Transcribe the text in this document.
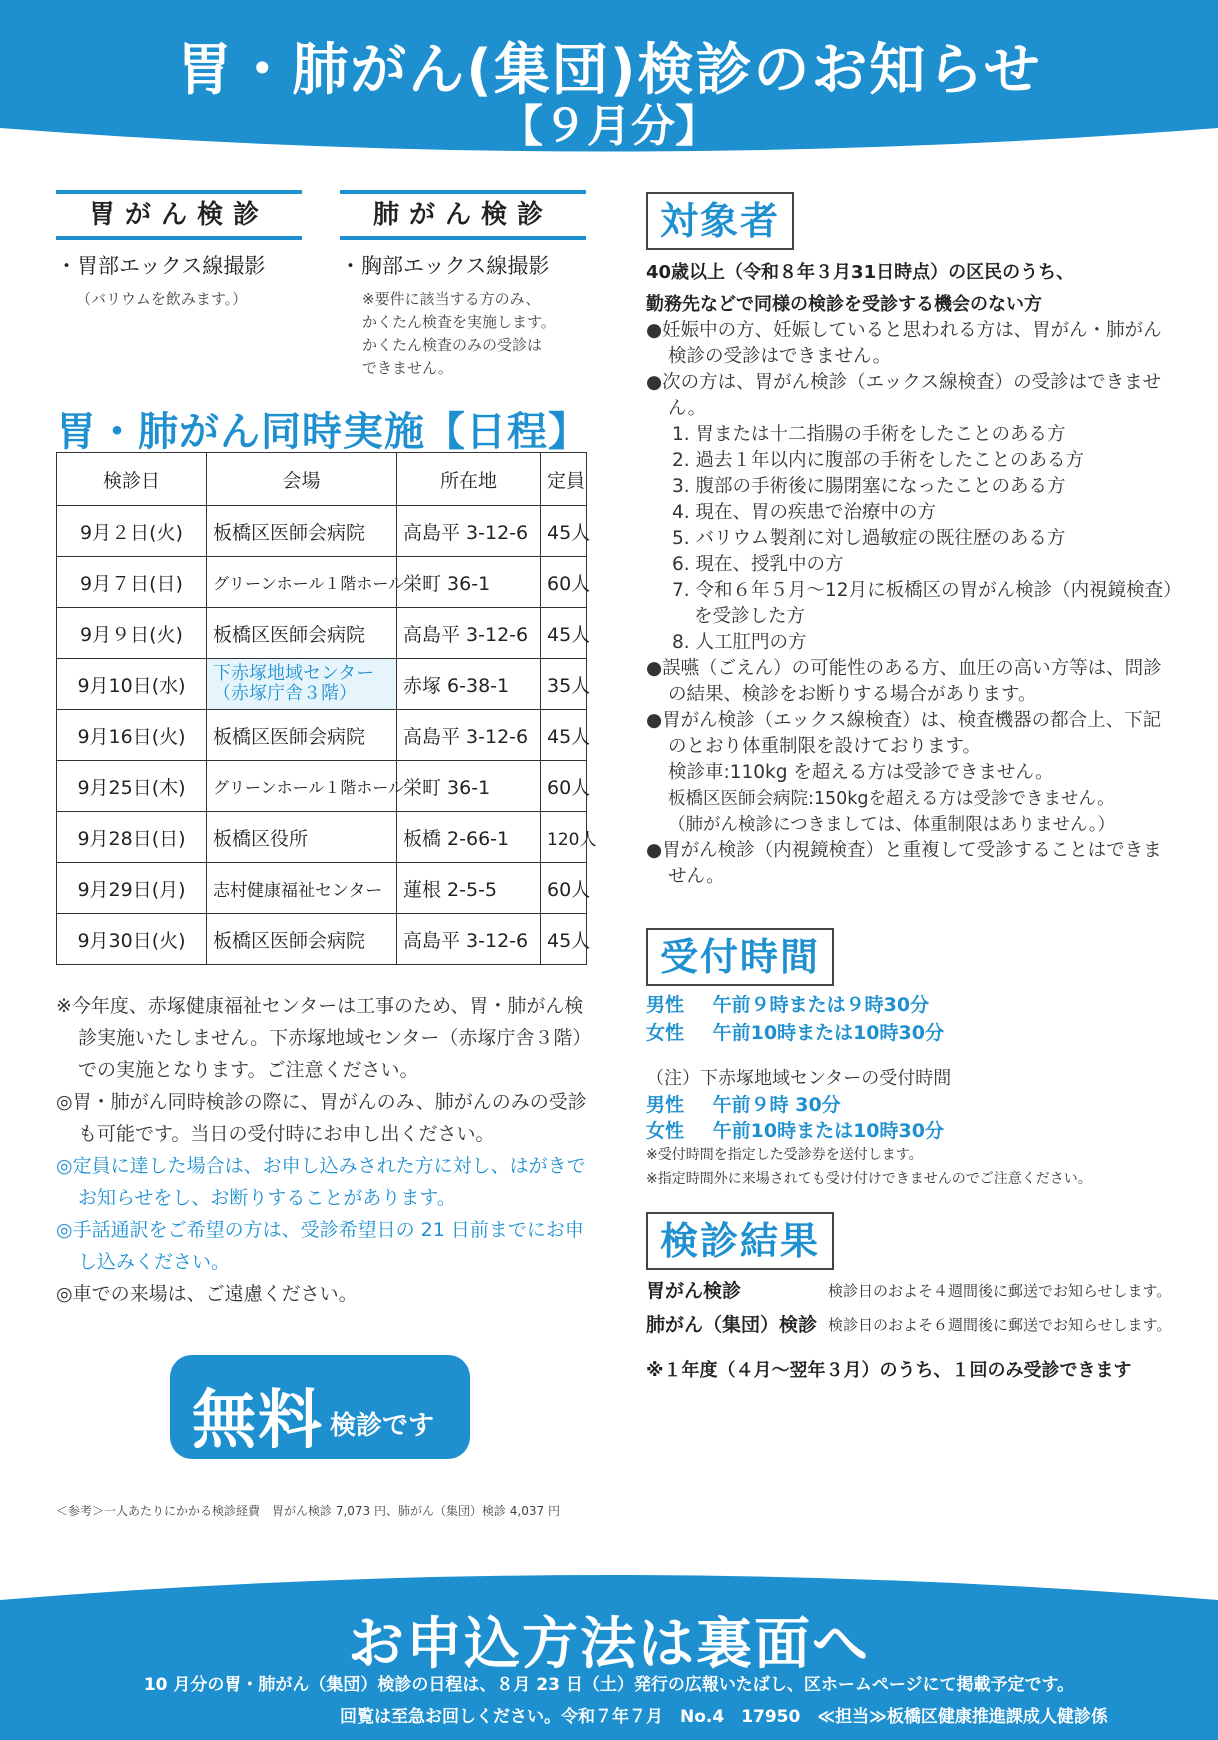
胃・肺がん(集団)検診のお知らせ
【９月分】
胃がん検診
・胃部エックス線撮影
（バリウムを飲みます。）
肺がん検診
・胸部エックス線撮影
※要件に該当する方のみ、
かくたん検査を実施します。
かくたん検査のみの受診は
できません。
胃・肺がん同時実施【日程】
検診日	会場	所在地	定員
9月２日(火)	板橋区医師会病院	高島平 3-12-6	45人
9月７日(日)	グリーンホール１階ホール	栄町 36-1	60人
9月９日(火)	板橋区医師会病院	高島平 3-12-6	45人
9月10日(水)	下赤塚地域センター（赤塚庁舎３階）	赤塚 6-38-1	35人
9月16日(火)	板橋区医師会病院	高島平 3-12-6	45人
9月25日(木)	グリーンホール１階ホール	栄町 36-1	60人
9月28日(日)	板橋区役所	板橋 2-66-1	120人
9月29日(月)	志村健康福祉センター	蓮根 2-5-5	60人
9月30日(火)	板橋区医師会病院	高島平 3-12-6	45人

※今年度、赤塚健康福祉センターは工事のため、胃・肺がん検診実施いたしません。下赤塚地域センター（赤塚庁舎３階）での実施となります。ご注意ください。

◎胃・肺がん同時検診の際に、胃がんのみ、肺がんのみの受診も可能です。当日の受付時にお申し出ください。

◎定員に達した場合は、お申し込みされた方に対し、はがきでお知らせをし、お断りすることがあります。

◎手話通訳をご希望の方は、受診希望日の 21 日前までにお申し込みください。

◎車での来場は、ご遠慮ください。

無料 検診です
＜参考＞一人あたりにかかる検診経費　胃がん検診 7,073 円、肺がん（集団）検診 4,037 円
対象者
40歳以上（令和８年３月31日時点）の区民のうち、
勤務先などで同様の検診を受診する機会のない方

●妊娠中の方、妊娠していると思われる方は、胃がん・肺がん検診の受診はできません。

●次の方は、胃がん検診（エックス線検査）の受診はできません。

1. 胃または十二指腸の手術をしたことのある方
2. 過去１年以内に腹部の手術をしたことのある方
3. 腹部の手術後に腸閉塞になったことのある方
4. 現在、胃の疾患で治療中の方
5. バリウム製剤に対し過敏症の既往歴のある方
6. 現在、授乳中の方
7. 令和６年５月～12月に板橋区の胃がん検診（内視鏡検査）を受診した方
8. 人工肛門の方

●誤嚥（ごえん）の可能性のある方、血圧の高い方等は、問診の結果、検診をお断りする場合があります。

●胃がん検診（エックス線検査）は、検査機器の都合上、下記のとおり体重制限を設けております。

検診車:110kg を超える方は受診できません。
板橋区医師会病院:150kgを超える方は受診できません。
（肺がん検診につきましては、体重制限はありません。）

●胃がん検診（内視鏡検査）と重複して受診することはできません。

受付時間
男性 午前９時または９時30分
女性 午前10時または10時30分
（注）下赤塚地域センターの受付時間
男性 午前９時 30分
女性 午前10時または10時30分
※受付時間を指定した受診券を送付します。
※指定時間外に来場されても受け付けできませんのでご注意ください。
検診結果
胃がん検診	検診日のおよそ４週間後に郵送でお知らせします。
肺がん（集団）検診 検診日のおよそ６週間後に郵送でお知らせします。
※１年度（４月～翌年３月）のうち、１回のみ受診できます
お申込方法は裏面へ
10 月分の胃・肺がん（集団）検診の日程は、８月 23 日（土）発行の広報いたばし、区ホームページにて掲載予定です。
回覧は至急お回しください。令和７年７月　No.4　17950　≪担当≫板橋区健康推進課成人健診係
